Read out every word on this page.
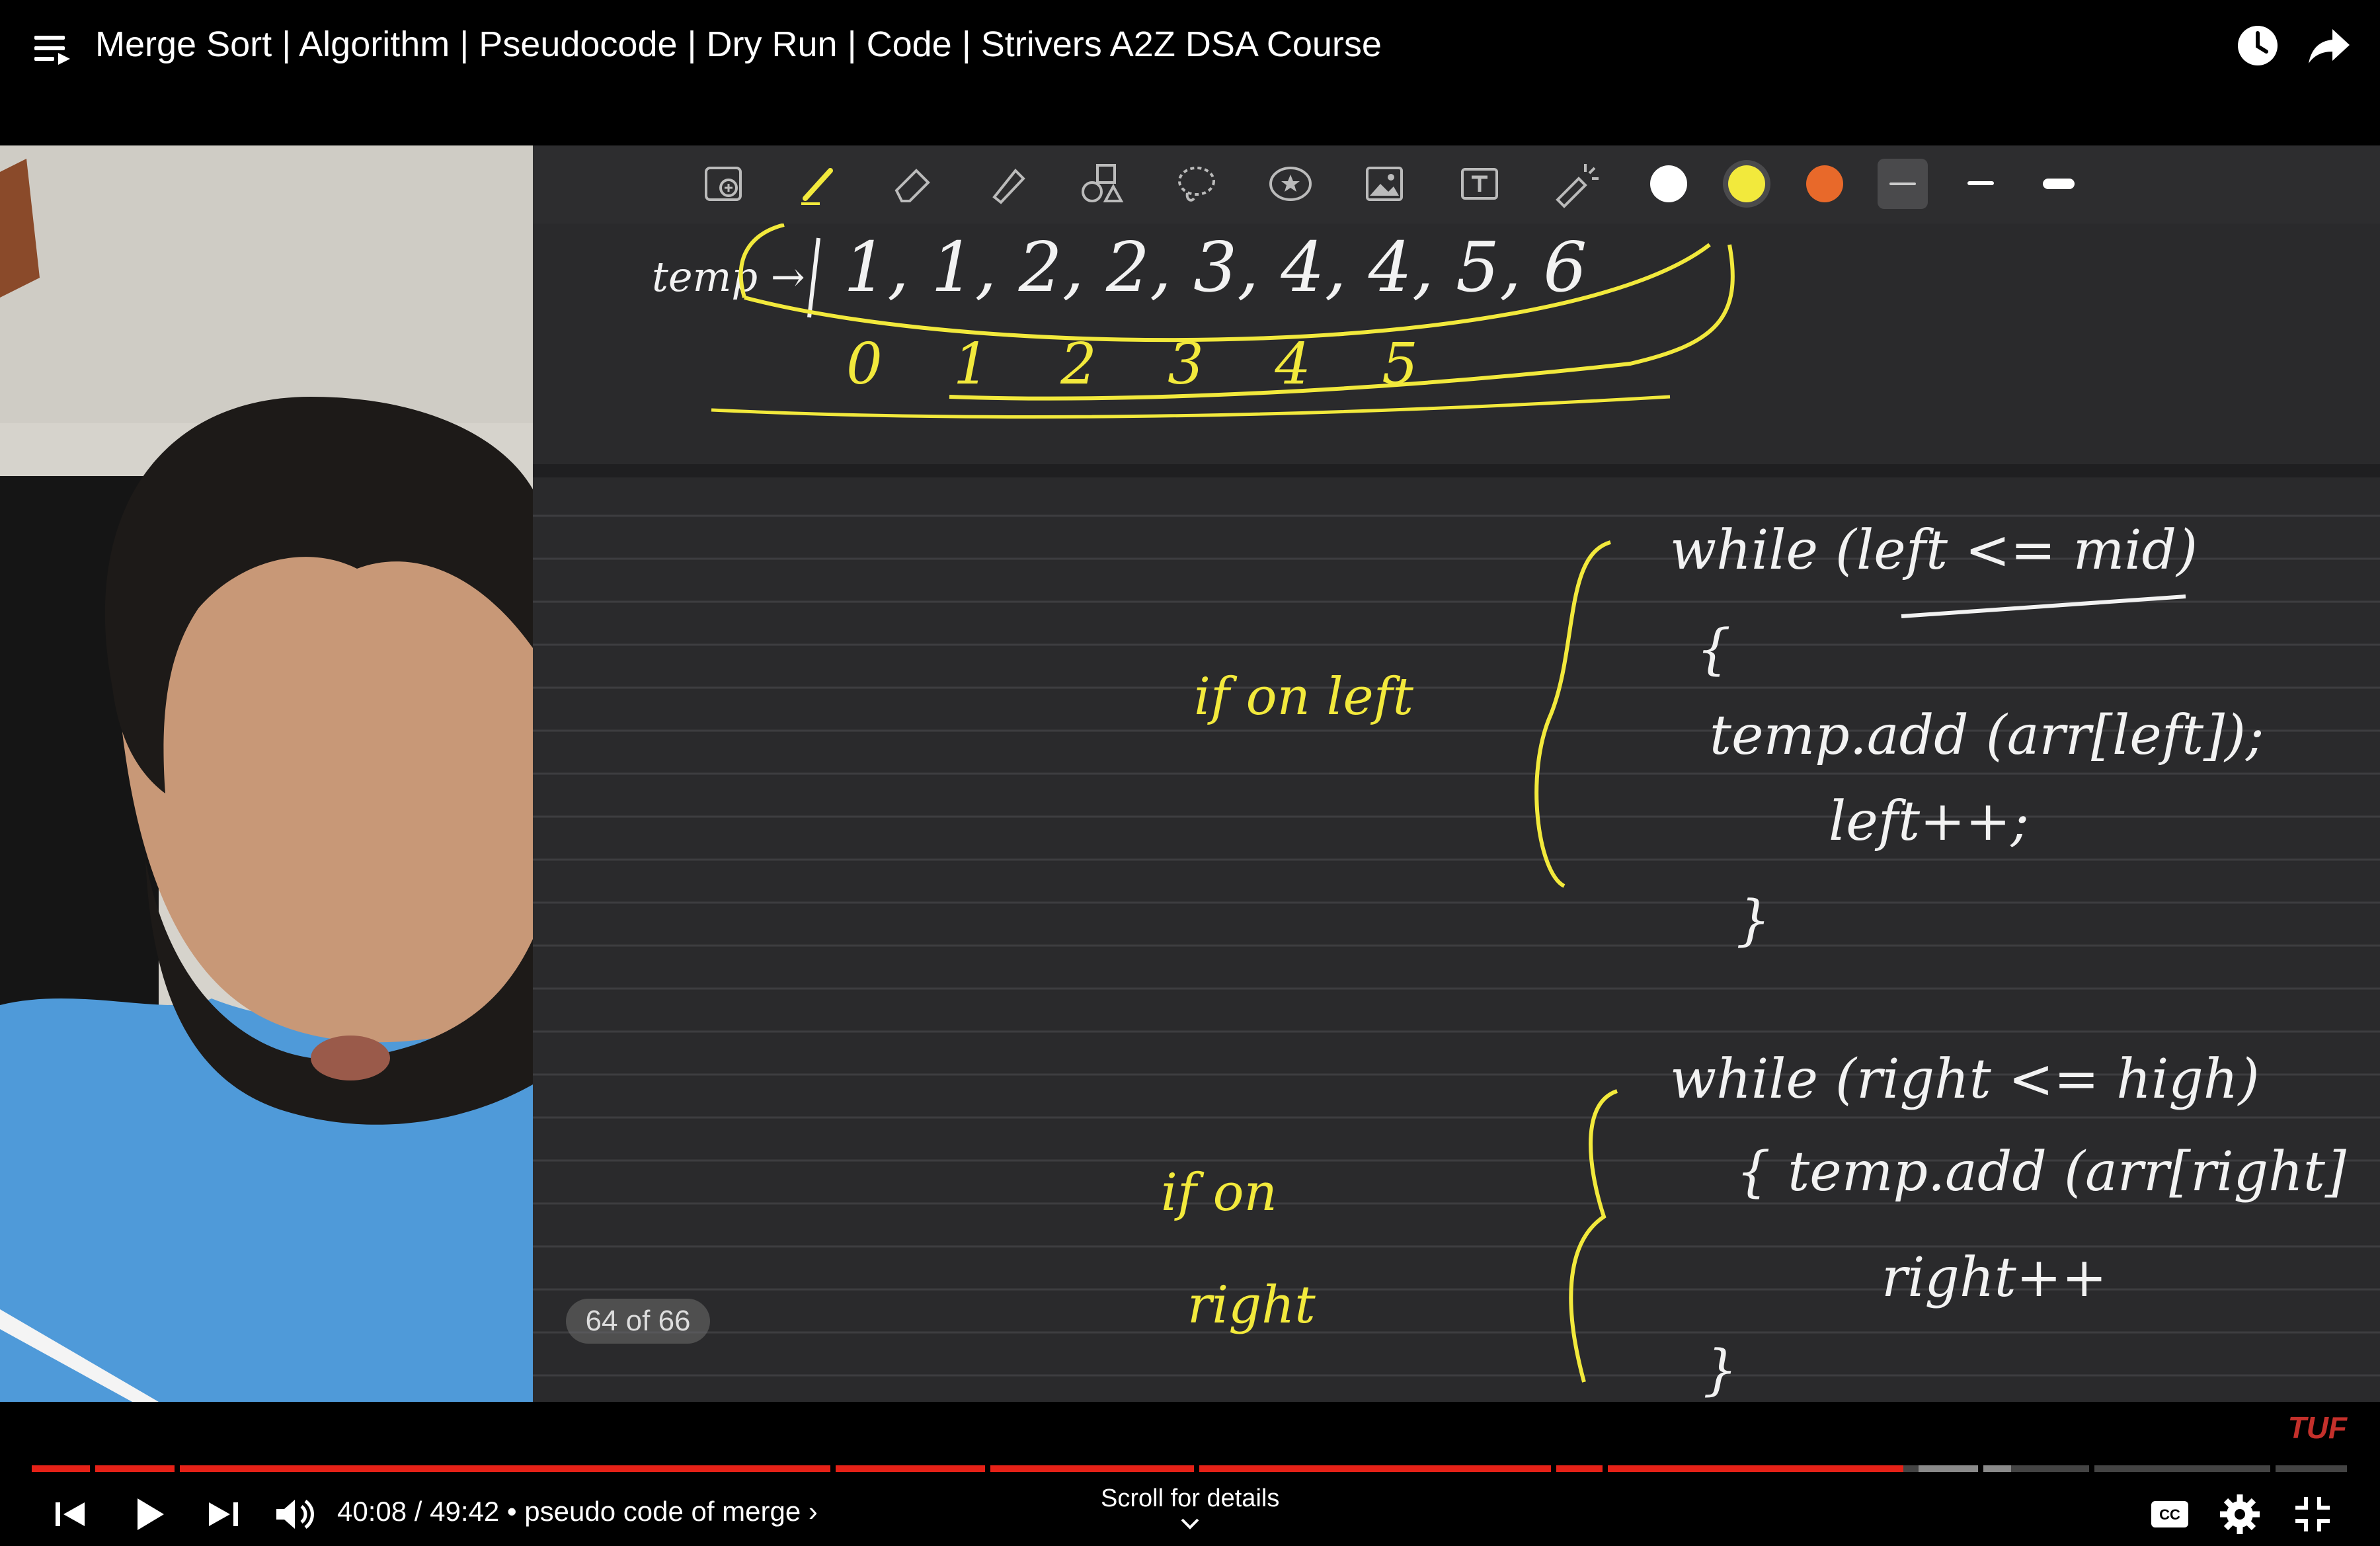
Merge Sort | Algorithm | Pseudocode | Dry Run | Code | Strivers A2Z DSA Course
temp → 1, 1, 2, 2, 3, 4, 4, 5, 6
0 1 2 3 4 5
if on left
while (left <= mid)
{
temp.add (arr[left]);
left++;
}
if on
right
while (right <= high)
{ temp.add (arr[right]
right++
}
64 of 66
TUF
40:08 / 49:42 • pseudo code of merge ›	Scroll for details
CC
